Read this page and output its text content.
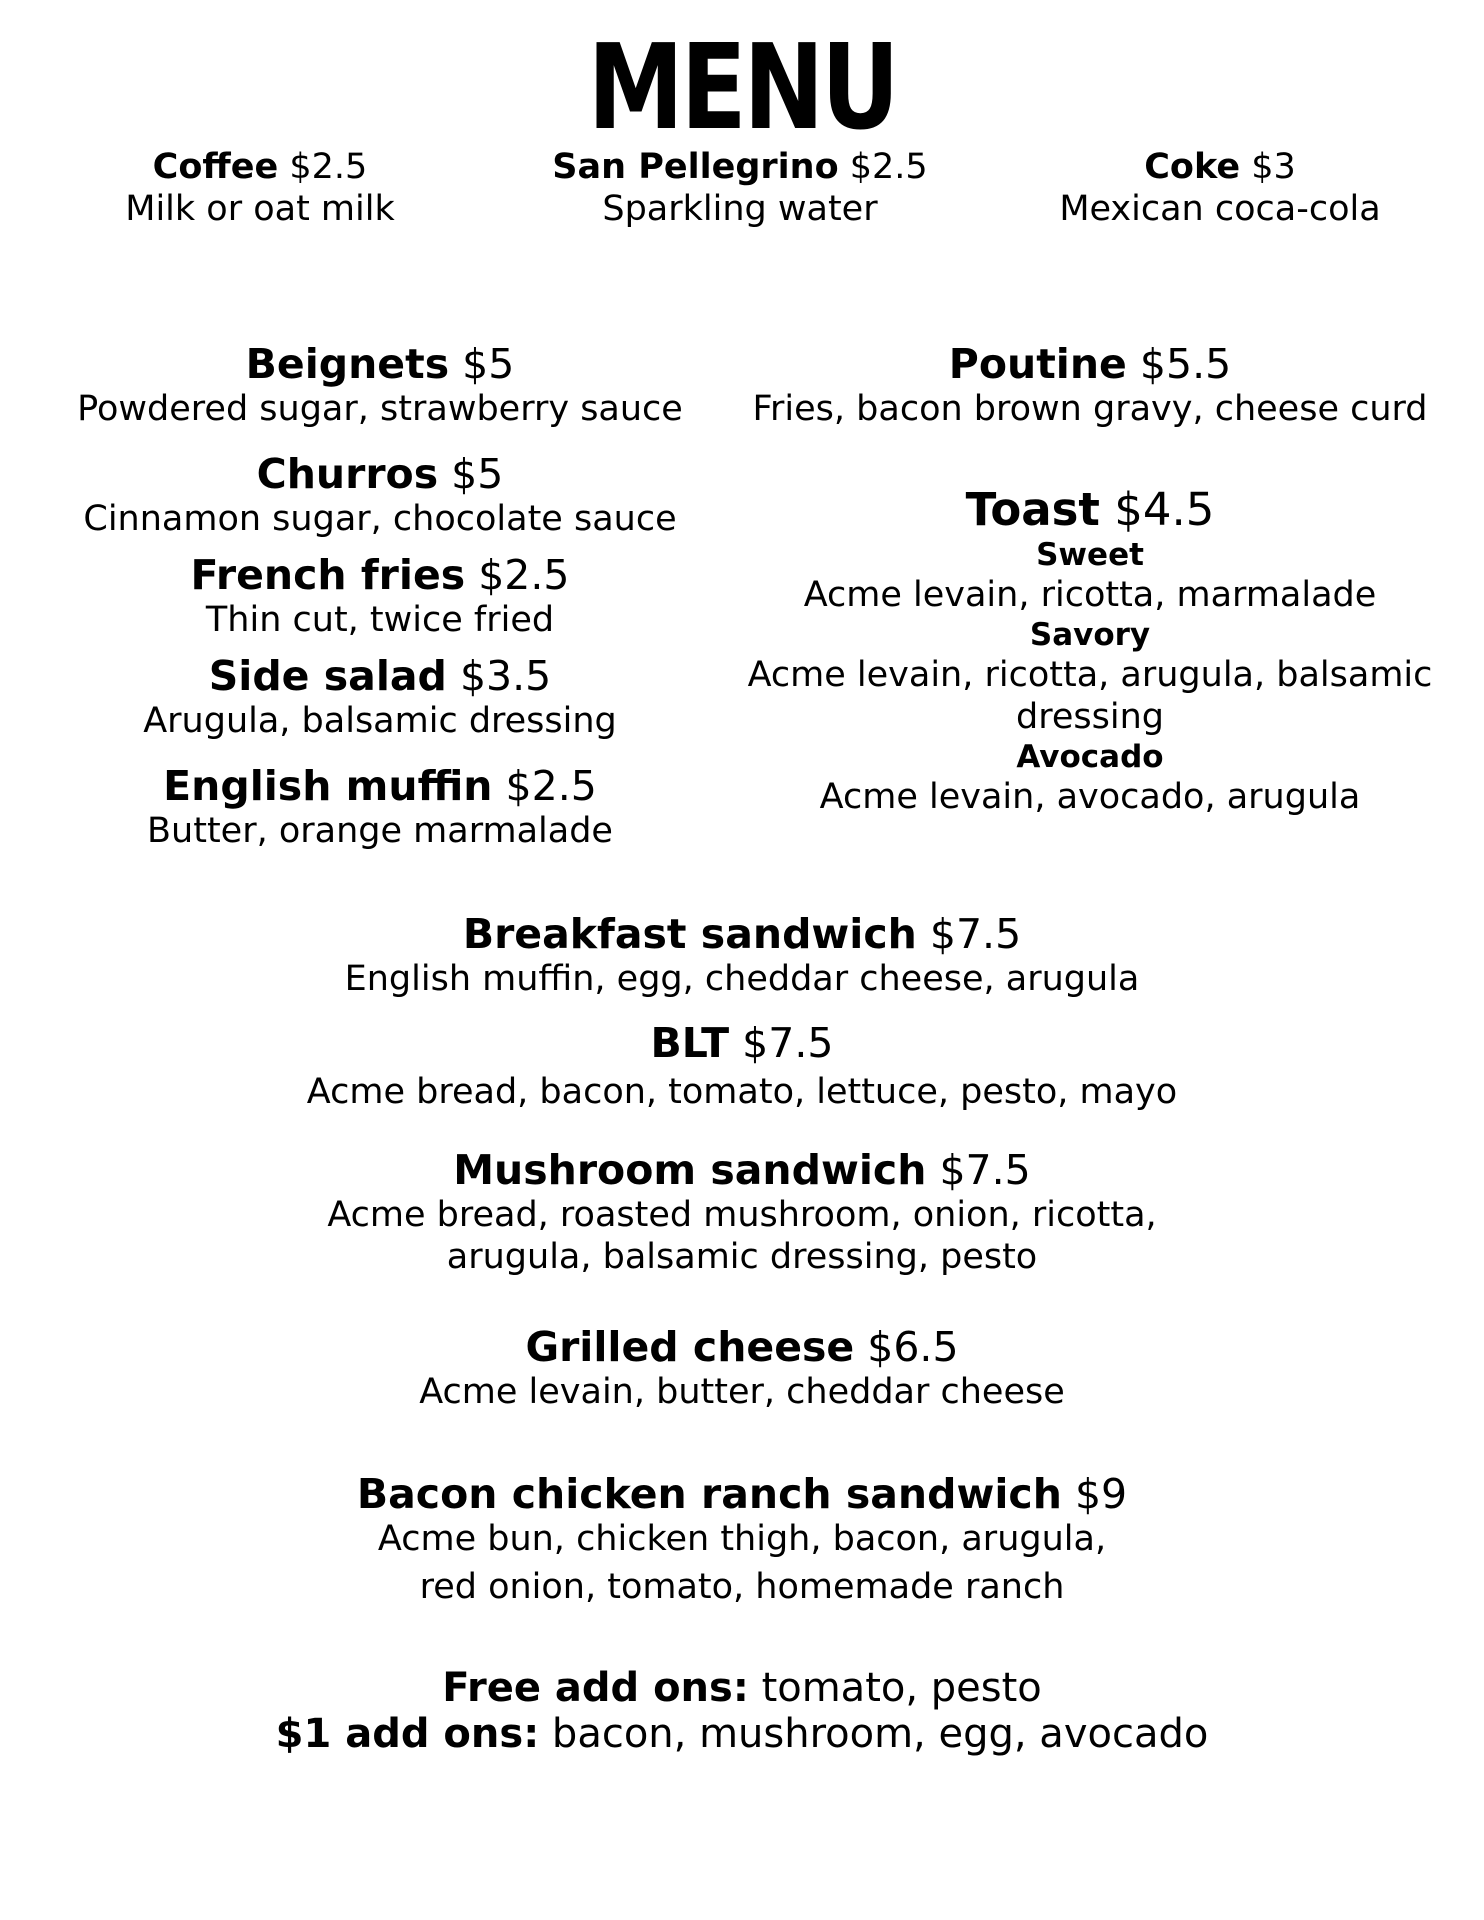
MENU
Coffee $2.5
Milk or oat milk
San Pellegrino $2.5
Sparkling water
Coke $3
Mexican coca-cola
Beignets $5
Powdered sugar, strawberry sauce
Churros $5
Cinnamon sugar, chocolate sauce
French fries $2.5
Thin cut, twice fried
Side salad $3.5
Arugula, balsamic dressing
English muffin $2.5
Butter, orange marmalade
Poutine $5.5
Fries, bacon brown gravy, cheese curd
Toast $4.5
Sweet
Acme levain, ricotta, marmalade
Savory
Acme levain, ricotta, arugula, balsamic
dressing
Avocado
Acme levain, avocado, arugula
Breakfast sandwich $7.5
English muffin, egg, cheddar cheese, arugula
BLT $7.5
Acme bread, bacon, tomato, lettuce, pesto, mayo
Mushroom sandwich $7.5
Acme bread, roasted mushroom, onion, ricotta,
arugula, balsamic dressing, pesto
Grilled cheese $6.5
Acme levain, butter, cheddar cheese
Bacon chicken ranch sandwich $9
Acme bun, chicken thigh, bacon, arugula,
red onion, tomato, homemade ranch
Free add ons: tomato, pesto
$1 add ons: bacon, mushroom, egg, avocado
